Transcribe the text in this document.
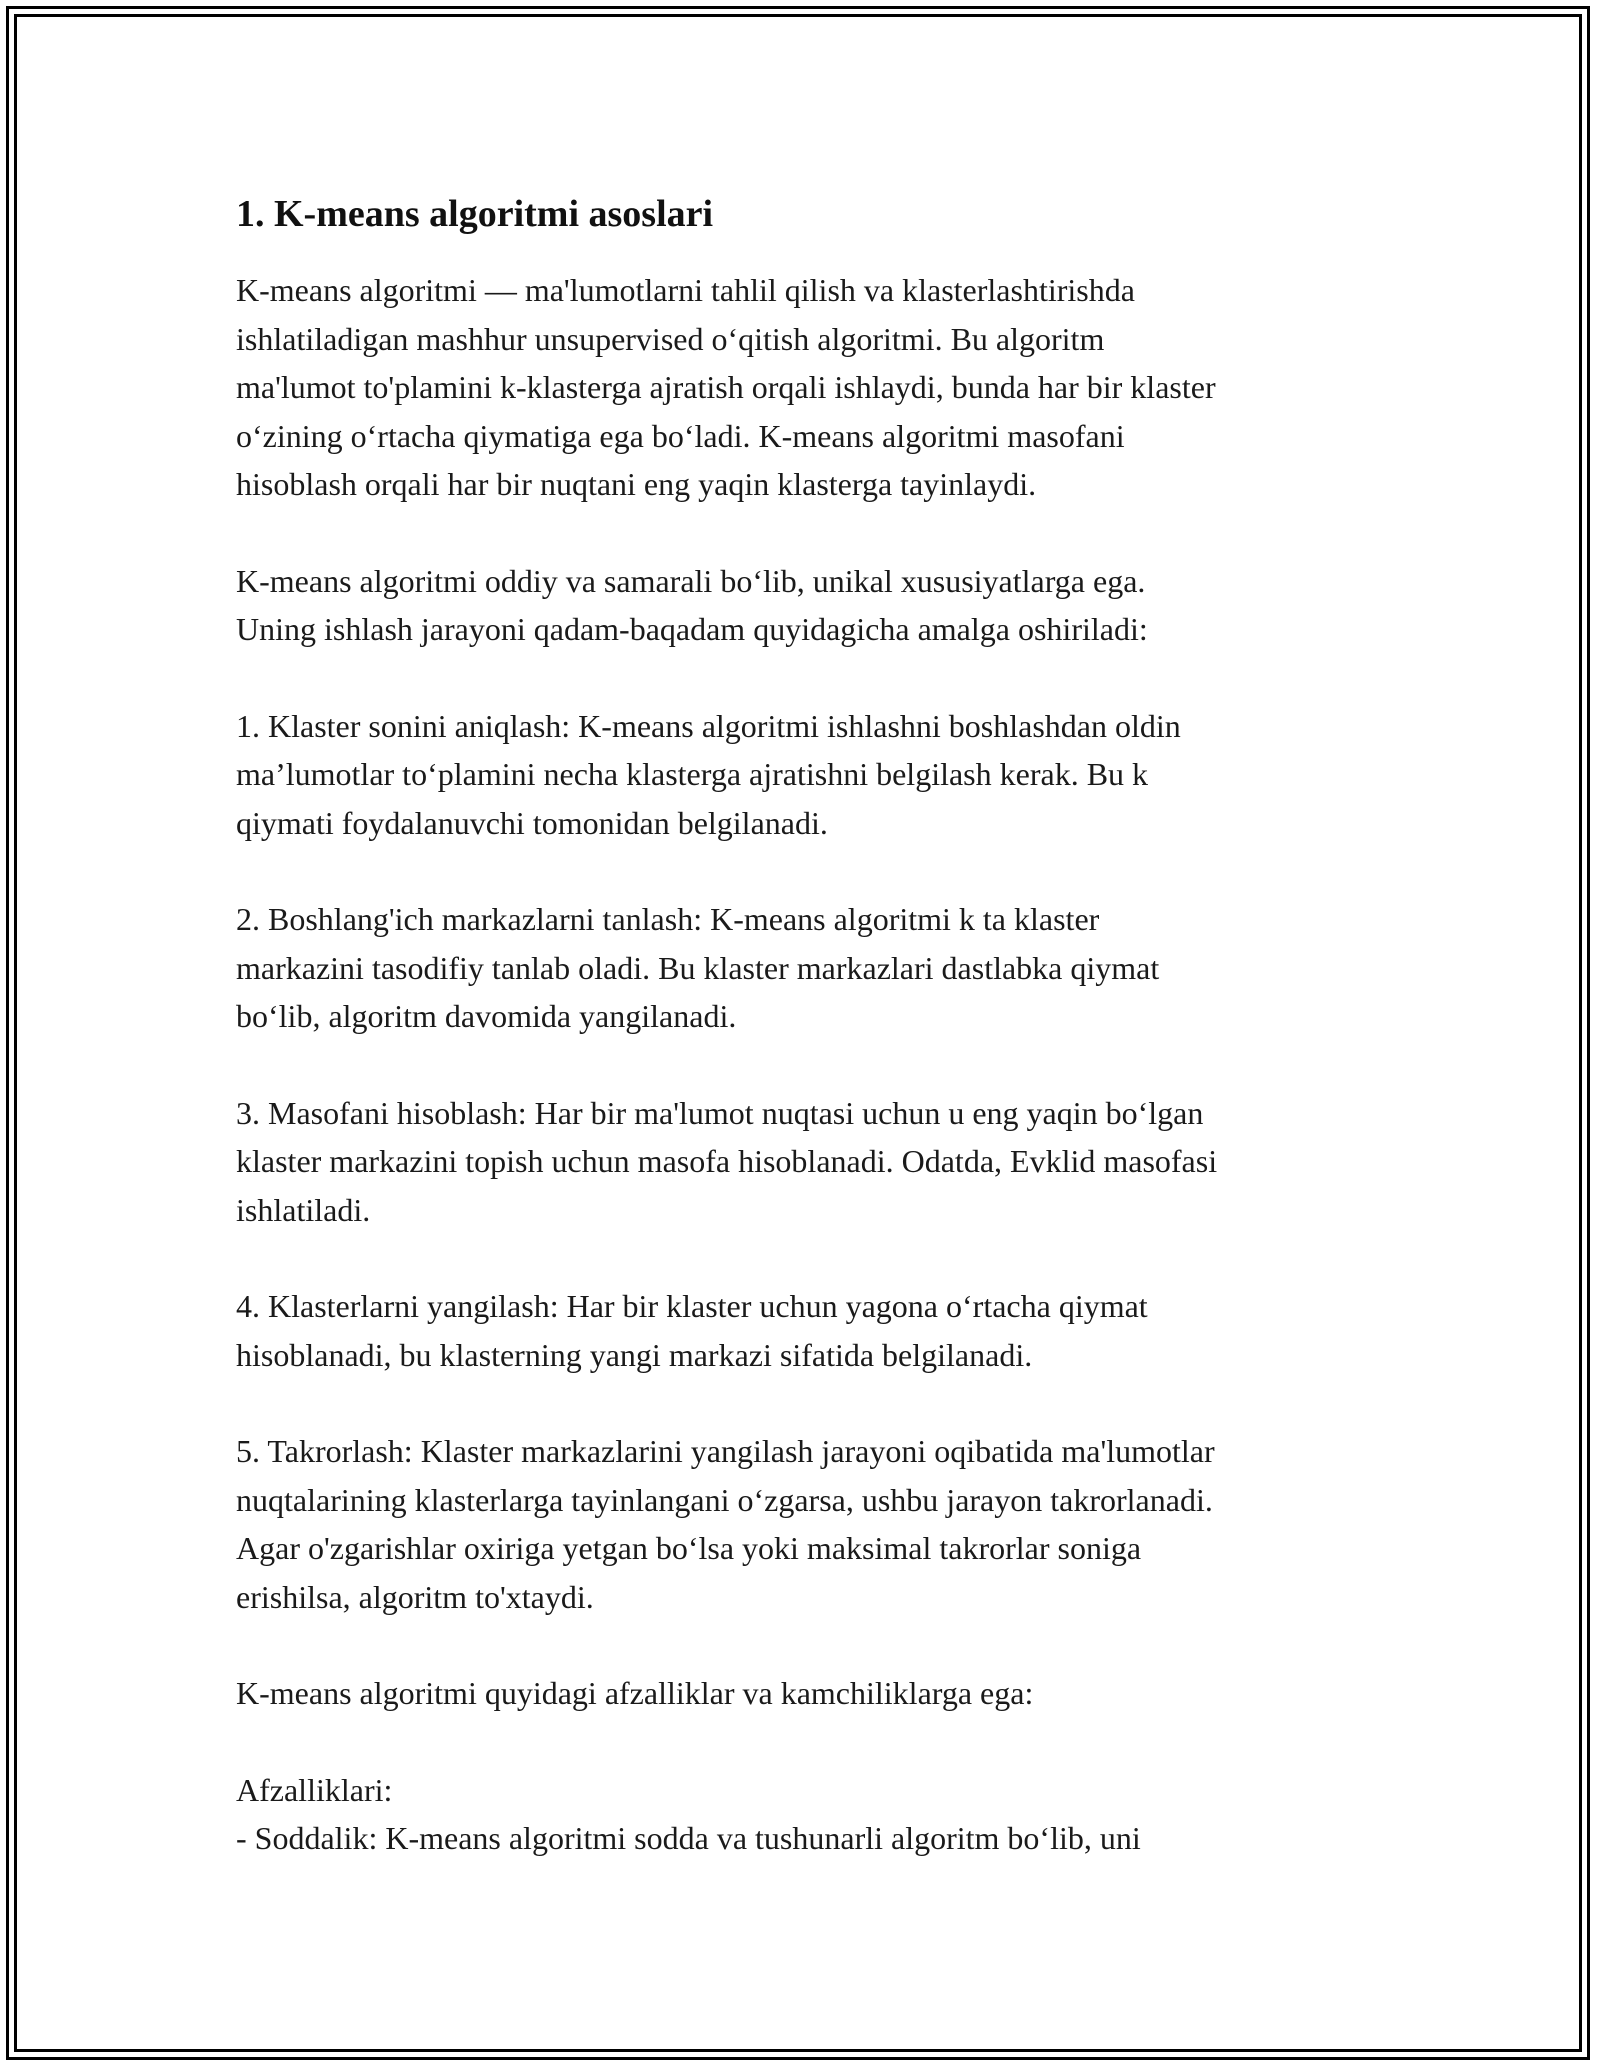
1. K-means algoritmi asoslari

K-means algoritmi — ma'lumotlarni tahlil qilish va klasterlashtirishda
ishlatiladigan mashhur unsupervised o‘qitish algoritmi. Bu algoritm
ma'lumot to'plamini k-klasterga ajratish orqali ishlaydi, bunda har bir klaster
o‘zining o‘rtacha qiymatiga ega bo‘ladi. K-means algoritmi masofani
hisoblash orqali har bir nuqtani eng yaqin klasterga tayinlaydi.

K-means algoritmi oddiy va samarali bo‘lib, unikal xususiyatlarga ega.
Uning ishlash jarayoni qadam-baqadam quyidagicha amalga oshiriladi:

1. Klaster sonini aniqlash: K-means algoritmi ishlashni boshlashdan oldin
ma’lumotlar to‘plamini necha klasterga ajratishni belgilash kerak. Bu k
qiymati foydalanuvchi tomonidan belgilanadi.

2. Boshlang'ich markazlarni tanlash: K-means algoritmi k ta klaster
markazini tasodifiy tanlab oladi. Bu klaster markazlari dastlabka qiymat
bo‘lib, algoritm davomida yangilanadi.

3. Masofani hisoblash: Har bir ma'lumot nuqtasi uchun u eng yaqin bo‘lgan
klaster markazini topish uchun masofa hisoblanadi. Odatda, Evklid masofasi
ishlatiladi.

4. Klasterlarni yangilash: Har bir klaster uchun yagona o‘rtacha qiymat
hisoblanadi, bu klasterning yangi markazi sifatida belgilanadi.

5. Takrorlash: Klaster markazlarini yangilash jarayoni oqibatida ma'lumotlar
nuqtalarining klasterlarga tayinlangani o‘zgarsa, ushbu jarayon takrorlanadi.
Agar o'zgarishlar oxiriga yetgan bo‘lsa yoki maksimal takrorlar soniga
erishilsa, algoritm to'xtaydi.

K-means algoritmi quyidagi afzalliklar va kamchiliklarga ega:

Afzalliklari:
- Soddalik: K-means algoritmi sodda va tushunarli algoritm bo‘lib, uni
